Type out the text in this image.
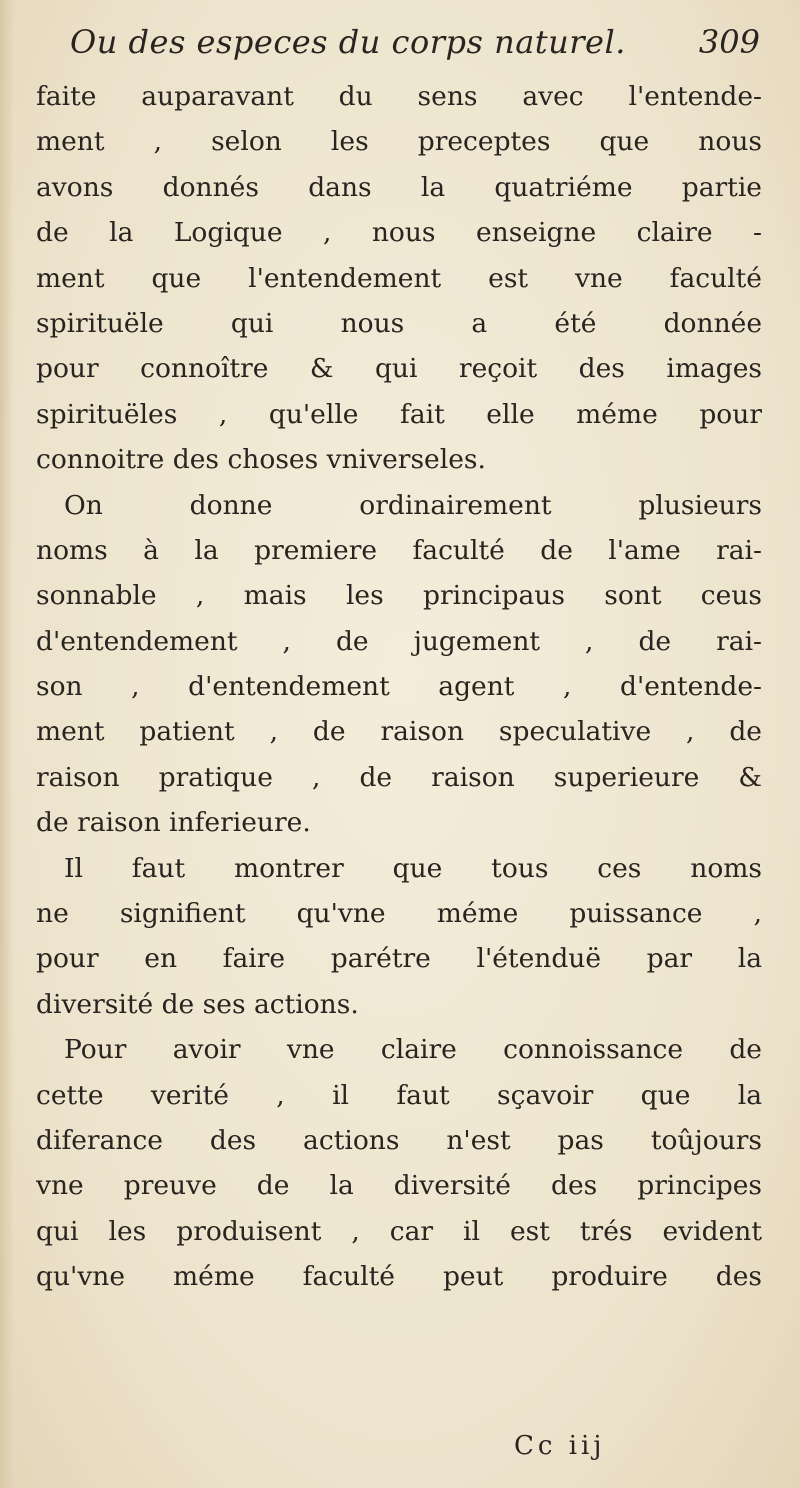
Ou des especes du corps naturel. 309
faite auparavant du sens avec l'entende-
ment , selon les preceptes que nous
avons donnés dans la quatriéme partie
de la Logique , nous enseigne claire -
ment que l'entendement est vne faculté
spirituële qui nous a été donnée
pour connoître & qui reçoit des images
spirituëles , qu'elle fait elle méme pour
connoitre des choses vniverseles.
On donne ordinairement plusieurs
noms à la premiere faculté de l'ame rai-
sonnable , mais les principaus sont ceus
d'entendement , de jugement , de rai-
son , d'entendement agent , d'entende-
ment patient , de raison speculative , de
raison pratique , de raison superieure &
de raison inferieure.
Il faut montrer que tous ces noms
ne signifient qu'vne méme puissance ,
pour en faire parétre l'étenduë par la
diversité de ses actions.
Pour avoir vne claire connoissance de
cette verité , il faut sçavoir que la
diferance des actions n'est pas toûjours
vne preuve de la diversité des principes
qui les produisent , car il est trés evident
qu'vne méme faculté peut produire des
Cc iij
